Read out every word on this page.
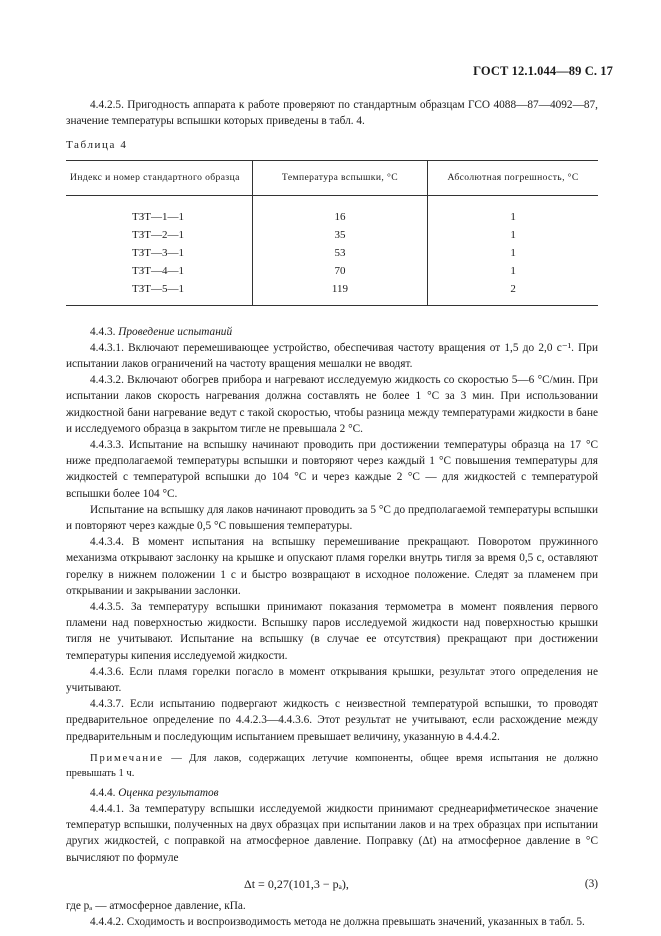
ГОСТ 12.1.044—89 С. 17

4.4.2.5. Пригодность аппарата к работе проверяют по стандартным образцам ГСО 4088—87—4092—87, значение температуры вспышки которых приведены в табл. 4.

Таблица 4
Индекс и номер стандартного образца	Температура вспышки, °С	Абсолютная погрешность, °С
ТЗТ—1—1	16	1
ТЗТ—2—1	35	1
ТЗТ—3—1	53	1
ТЗТ—4—1	70	1
ТЗТ—5—1	119	2

4.4.3. Проведение испытаний

4.4.3.1. Включают перемешивающее устройство, обеспечивая частоту вращения от 1,5 до 2,0 с⁻¹. При испытании лаков ограничений на частоту вращения мешалки не вводят.

4.4.3.2. Включают обогрев прибора и нагревают исследуемую жидкость со скоростью 5—6 °С/мин. При испытании лаков скорость нагревания должна составлять не более 1 °С за 3 мин. При использовании жидкостной бани нагревание ведут с такой скоростью, чтобы разница между температурами жидкости в бане и исследуемого образца в закрытом тигле не превышала 2 °С.

4.4.3.3. Испытание на вспышку начинают проводить при достижении температуры образца на 17 °С ниже предполагаемой температуры вспышки и повторяют через каждый 1 °С повышения температуры для жидкостей с температурой вспышки до 104 °С и через каждые 2 °С — для жидкостей с температурой вспышки более 104 °С.

Испытание на вспышку для лаков начинают проводить за 5 °С до предполагаемой температуры вспышки и повторяют через каждые 0,5 °С повышения температуры.

4.4.3.4. В момент испытания на вспышку перемешивание прекращают. Поворотом пружинного механизма открывают заслонку на крышке и опускают пламя горелки внутрь тигля за время 0,5 с, оставляют горелку в нижнем положении 1 с и быстро возвращают в исходное положение. Следят за пламенем при открывании и закрывании заслонки.

4.4.3.5. За температуру вспышки принимают показания термометра в момент появления первого пламени над поверхностью жидкости. Вспышку паров исследуемой жидкости над поверхностью крышки тигля не учитывают. Испытание на вспышку (в случае ее отсутствия) прекращают при достижении температуры кипения исследуемой жидкости.

4.4.3.6. Если пламя горелки погасло в момент открывания крышки, результат этого определения не учитывают.

4.4.3.7. Если испытанию подвергают жидкость с неизвестной температурой вспышки, то проводят предварительное определение по 4.4.2.3—4.4.3.6. Этот результат не учитывают, если расхождение между предварительным и последующим испытанием превышает величину, указанную в 4.4.4.2.

Примечание — Для лаков, содержащих летучие компоненты, общее время испытания не должно превышать 1 ч.

4.4.4. Оценка результатов

4.4.4.1. За температуру вспышки исследуемой жидкости принимают среднеарифметическое значение температур вспышки, полученных на двух образцах при испытании лаков и на трех образцах при испытании других жидкостей, с поправкой на атмосферное давление. Поправку (Δt) на атмосферное давление в °С вычисляют по формуле

Δt = 0,27(101,3 − pₐ),	(3)

где pₐ — атмосферное давление, кПа.

4.4.4.2. Сходимость и воспроизводимость метода не должна превышать значений, указанных в табл. 5.
